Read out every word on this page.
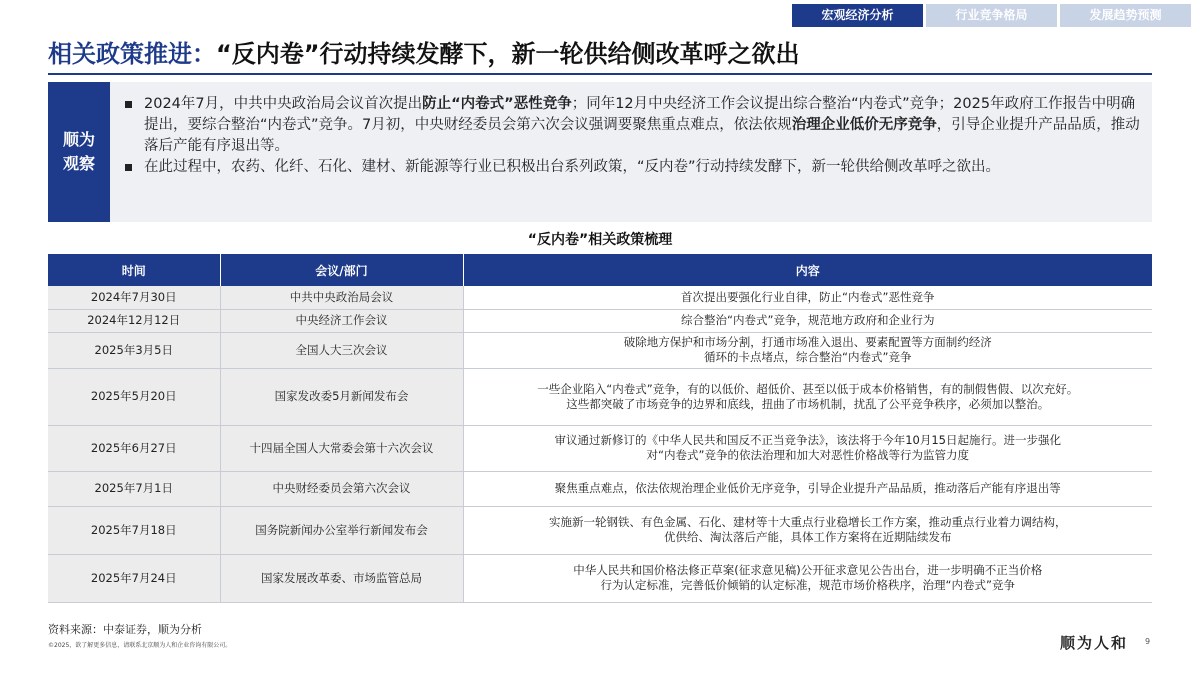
宏观经济分析	行业竞争格局	发展趋势预测
相关政策推进：“反内卷”行动持续发酵下，新一轮供给侧改革呼之欲出
顺为观察
2024年7月，中共中央政治局会议首次提出防止“内卷式”恶性竞争；同年12月中央经济工作会议提出综合整治“内卷式”竞争；2025年政府工作报告中明确提出，要综合整治“内卷式”竞争。7月初，中央财经委员会第六次会议强调要聚焦重点难点，依法依规治理企业低价无序竞争，引导企业提升产品品质，推动落后产能有序退出等。
在此过程中，农药、化纤、石化、建材、新能源等行业已积极出台系列政策，“反内卷”行动持续发酵下，新一轮供给侧改革呼之欲出。
“反内卷”相关政策梳理
时间	会议/部门	内容
2024年7月30日	中共中央政治局会议	首次提出要强化行业自律，防止“内卷式”恶性竞争

2024年12月12日	中央经济工作会议	综合整治“内卷式”竞争，规范地方政府和企业行为

2025年3月5日	全国人大三次会议	破除地方保护和市场分割，打通市场准入退出、要素配置等方面制约经济
循环的卡点堵点，综合整治“内卷式”竞争

2025年5月20日	国家发改委5月新闻发布会	一些企业陷入“内卷式”竞争，有的以低价、超低价、甚至以低于成本价格销售，有的制假售假、以次充好。
这些都突破了市场竞争的边界和底线，扭曲了市场机制，扰乱了公平竞争秩序，必须加以整治。

2025年6月27日	十四届全国人大常委会第十六次会议	审议通过新修订的《中华人民共和国反不正当竞争法》，该法将于今年10月15日起施行。进一步强化
对“内卷式”竞争的依法治理和加大对恶性价格战等行为监管力度

2025年7月1日	中央财经委员会第六次会议	聚焦重点难点，依法依规治理企业低价无序竞争，引导企业提升产品品质，推动落后产能有序退出等

2025年7月18日	国务院新闻办公室举行新闻发布会	实施新一轮钢铁、有色金属、石化、建材等十大重点行业稳增长工作方案，推动重点行业着力调结构，
优供给、淘汰落后产能，具体工作方案将在近期陆续发布

2025年7月24日	国家发展改革委、市场监管总局	中华人民共和国价格法修正草案(征求意见稿)公开征求意见公告出台，进一步明确不正当价格
行为认定标准，完善低价倾销的认定标准，规范市场价格秩序，治理“内卷式”竞争
资料来源：中泰证券，顺为分析
©2025，欲了解更多信息，请联系北京顺为人和企业咨询有限公司。	顺为人和 9
